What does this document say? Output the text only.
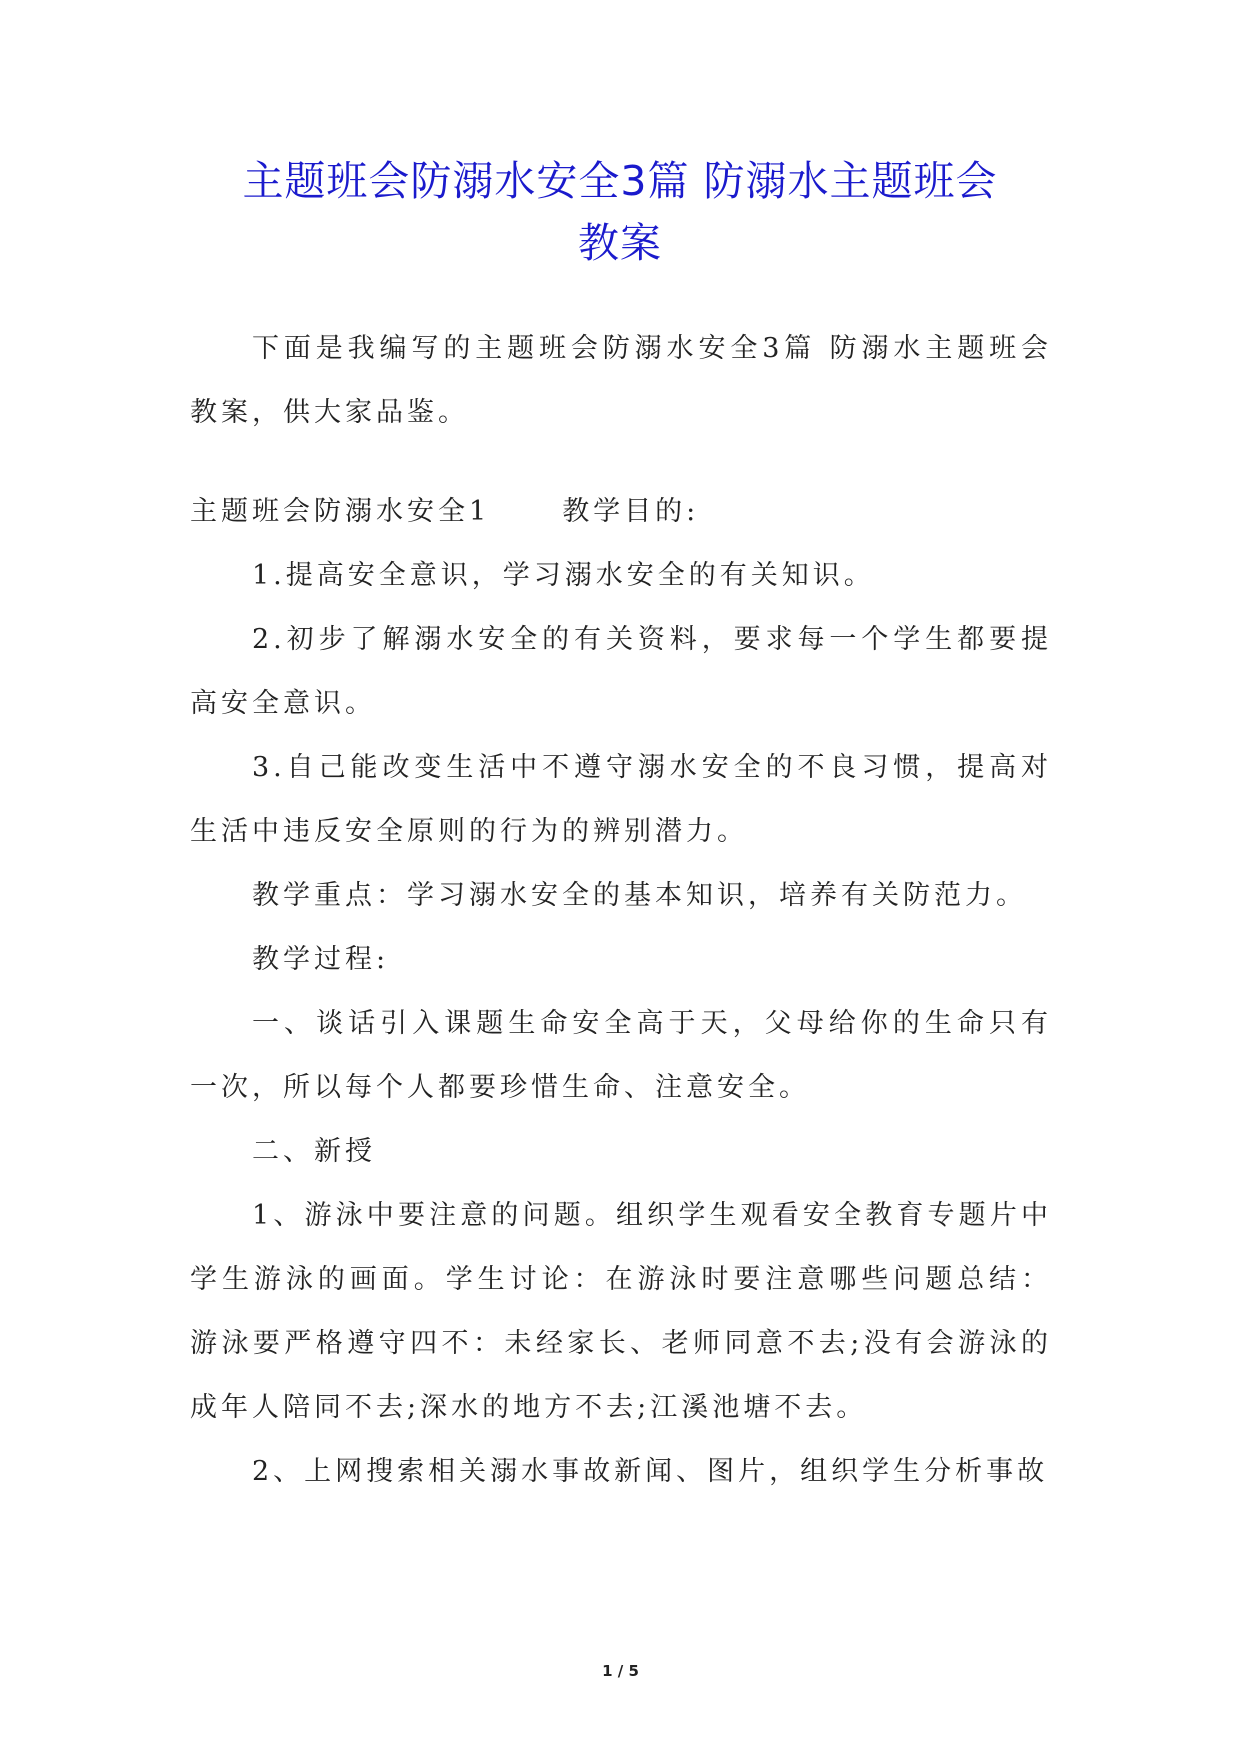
主题班会防溺水安全3篇 防溺水主题班会
教案
下面是我编写的主题班会防溺水安全3篇 防溺水主题班会教案，供大家品鉴。
主题班会防溺水安全1	教学目的:
1.提高安全意识，学习溺水安全的有关知识。
2.初步了解溺水安全的有关资料，要求每一个学生都要提高安全意识。
3.自己能改变生活中不遵守溺水安全的不良习惯，提高对生活中违反安全原则的行为的辨别潜力。
教学重点：学习溺水安全的基本知识，培养有关防范力。
教学过程:
一、谈话引入课题生命安全高于天，父母给你的生命只有一次，所以每个人都要珍惜生命、注意安全。
二、新授
1、游泳中要注意的问题。组织学生观看安全教育专题片中学生游泳的画面。学生讨论：在游泳时要注意哪些问题总结：游泳要严格遵守四不：未经家长、老师同意不去;没有会游泳的成年人陪同不去;深水的地方不去;江溪池塘不去。
2、上网搜索相关溺水事故新闻、图片，组织学生分析事故
1 / 5
